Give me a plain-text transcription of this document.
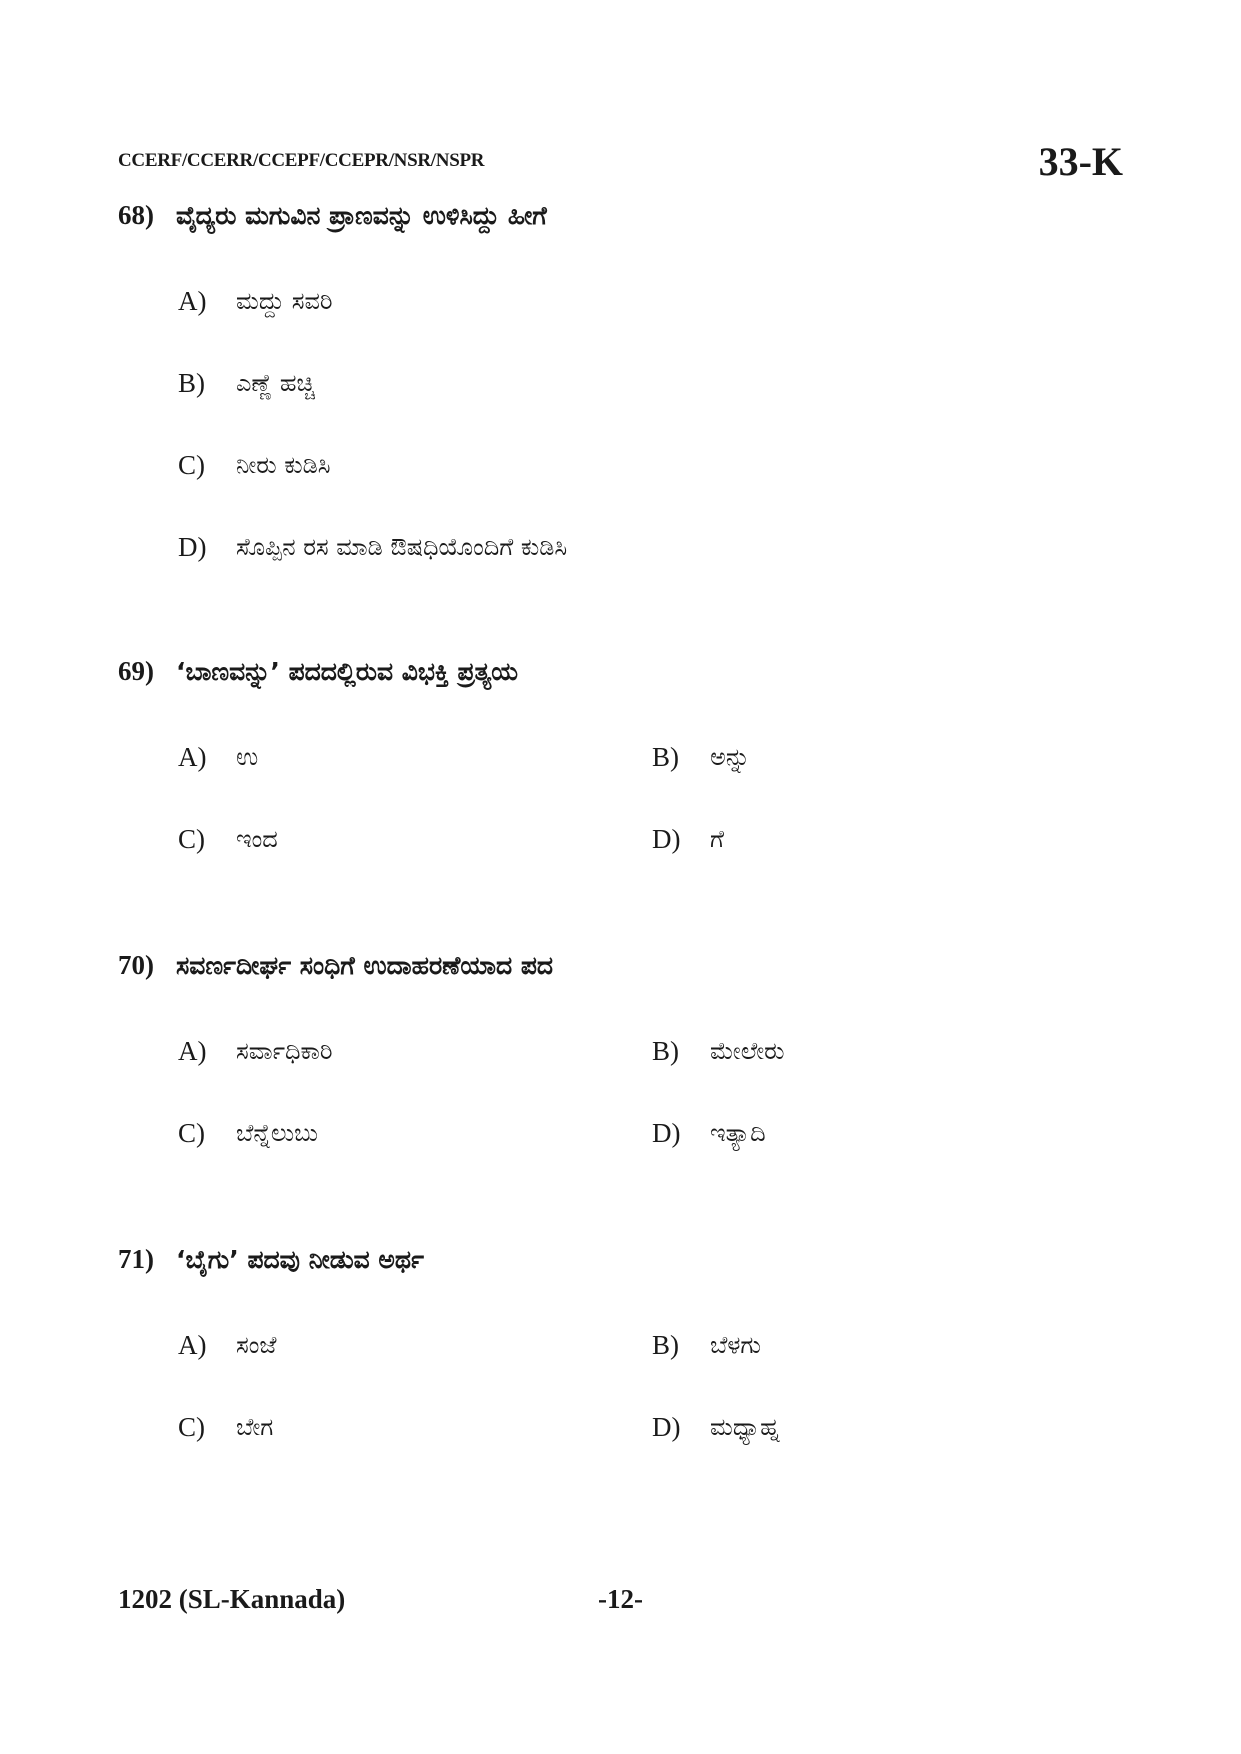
CCERF/CCERR/CCEPF/CCEPR/NSR/NSPR	33-K
68) ವೈದ್ಯರು ಮಗುವಿನ ಪ್ರಾಣವನ್ನು ಉಳಿಸಿದ್ದು ಹೀಗೆ
A)	ಮದ್ದು ಸವರಿ
B)	ಎಣ್ಣೆ ಹಚ್ಚಿ
C)	ನೀರು ಕುಡಿಸಿ
D)	ಸೊಪ್ಪಿನ ರಸ ಮಾಡಿ ಔಷಧಿಯೊಂದಿಗೆ ಕುಡಿಸಿ
69) ‘ಬಾಣವನ್ನು’ ಪದದಲ್ಲಿರುವ ವಿಭಕ್ತಿ ಪ್ರತ್ಯಯ
A)	ಉ	B)	ಅನ್ನು
C)	ಇಂದ	D)	ಗೆ
70) ಸವರ್ಣದೀರ್ಘ ಸಂಧಿಗೆ ಉದಾಹರಣೆಯಾದ ಪದ
A)	ಸರ್ವಾಧಿಕಾರಿ	B)	ಮೇಲೇರು
C)	ಬೆನ್ನೆಲುಬು	D)	ಇತ್ಯಾದಿ
71) ‘ಬೈಗು’ ಪದವು ನೀಡುವ ಅರ್ಥ
A)	ಸಂಜೆ	B)	ಬೆಳಗು
C)	ಬೇಗ	D)	ಮಧ್ಯಾಹ್ನ
1202 (SL-Kannada)	-12-
